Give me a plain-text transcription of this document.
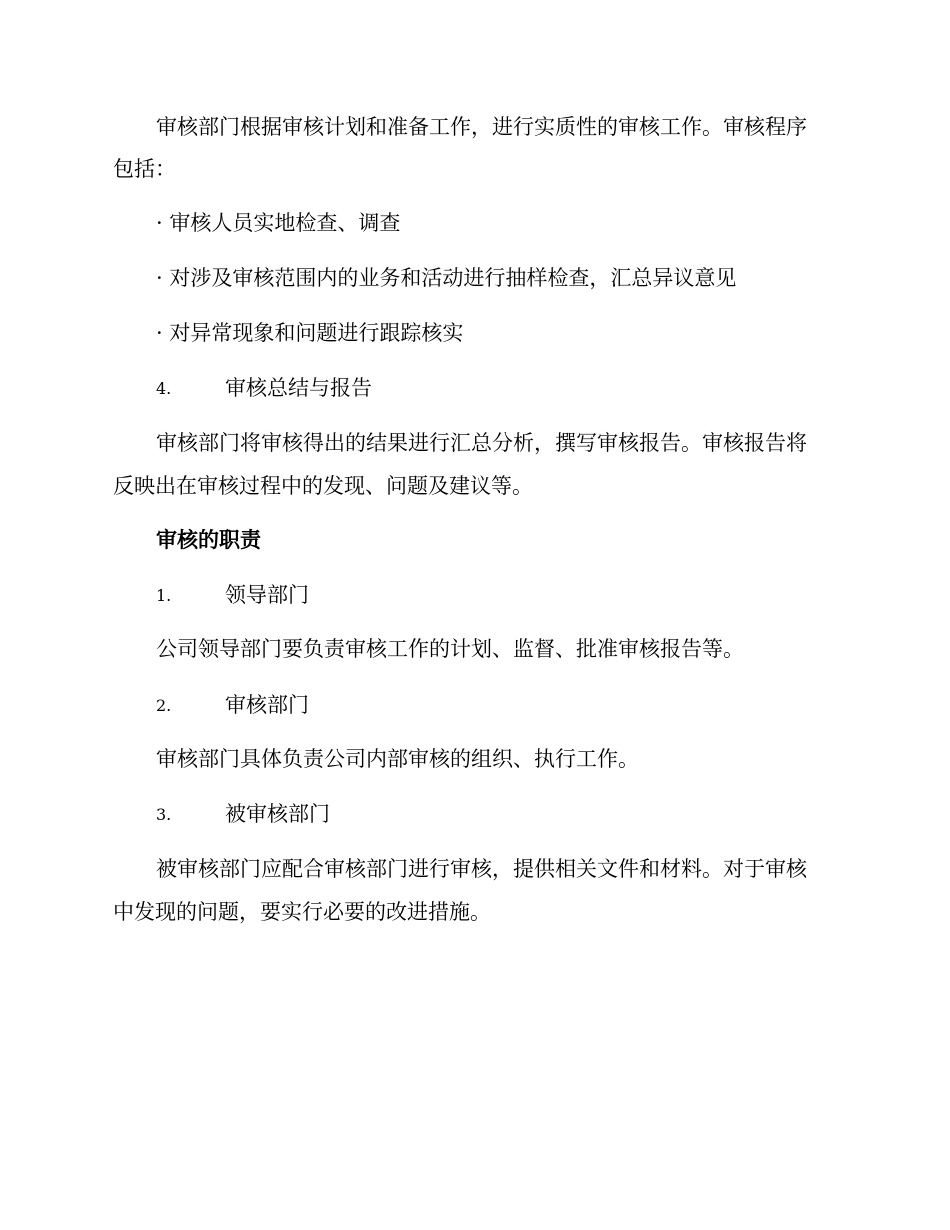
审核部门根据审核计划和准备工作，进行实质性的审核工作。审核程序
包括：
· 审核人员实地检查、调查
· 对涉及审核范围内的业务和活动进行抽样检查，汇总异议意见
· 对异常现象和问题进行跟踪核实
4.	审核总结与报告
审核部门将审核得出的结果进行汇总分析，撰写审核报告。审核报告将
反映出在审核过程中的发现、问题及建议等。
审核的职责
1.	领导部门
公司领导部门要负责审核工作的计划、监督、批准审核报告等。
2.	审核部门
审核部门具体负责公司内部审核的组织、执行工作。
3.	被审核部门
被审核部门应配合审核部门进行审核，提供相关文件和材料。对于审核
中发现的问题，要实行必要的改进措施。
